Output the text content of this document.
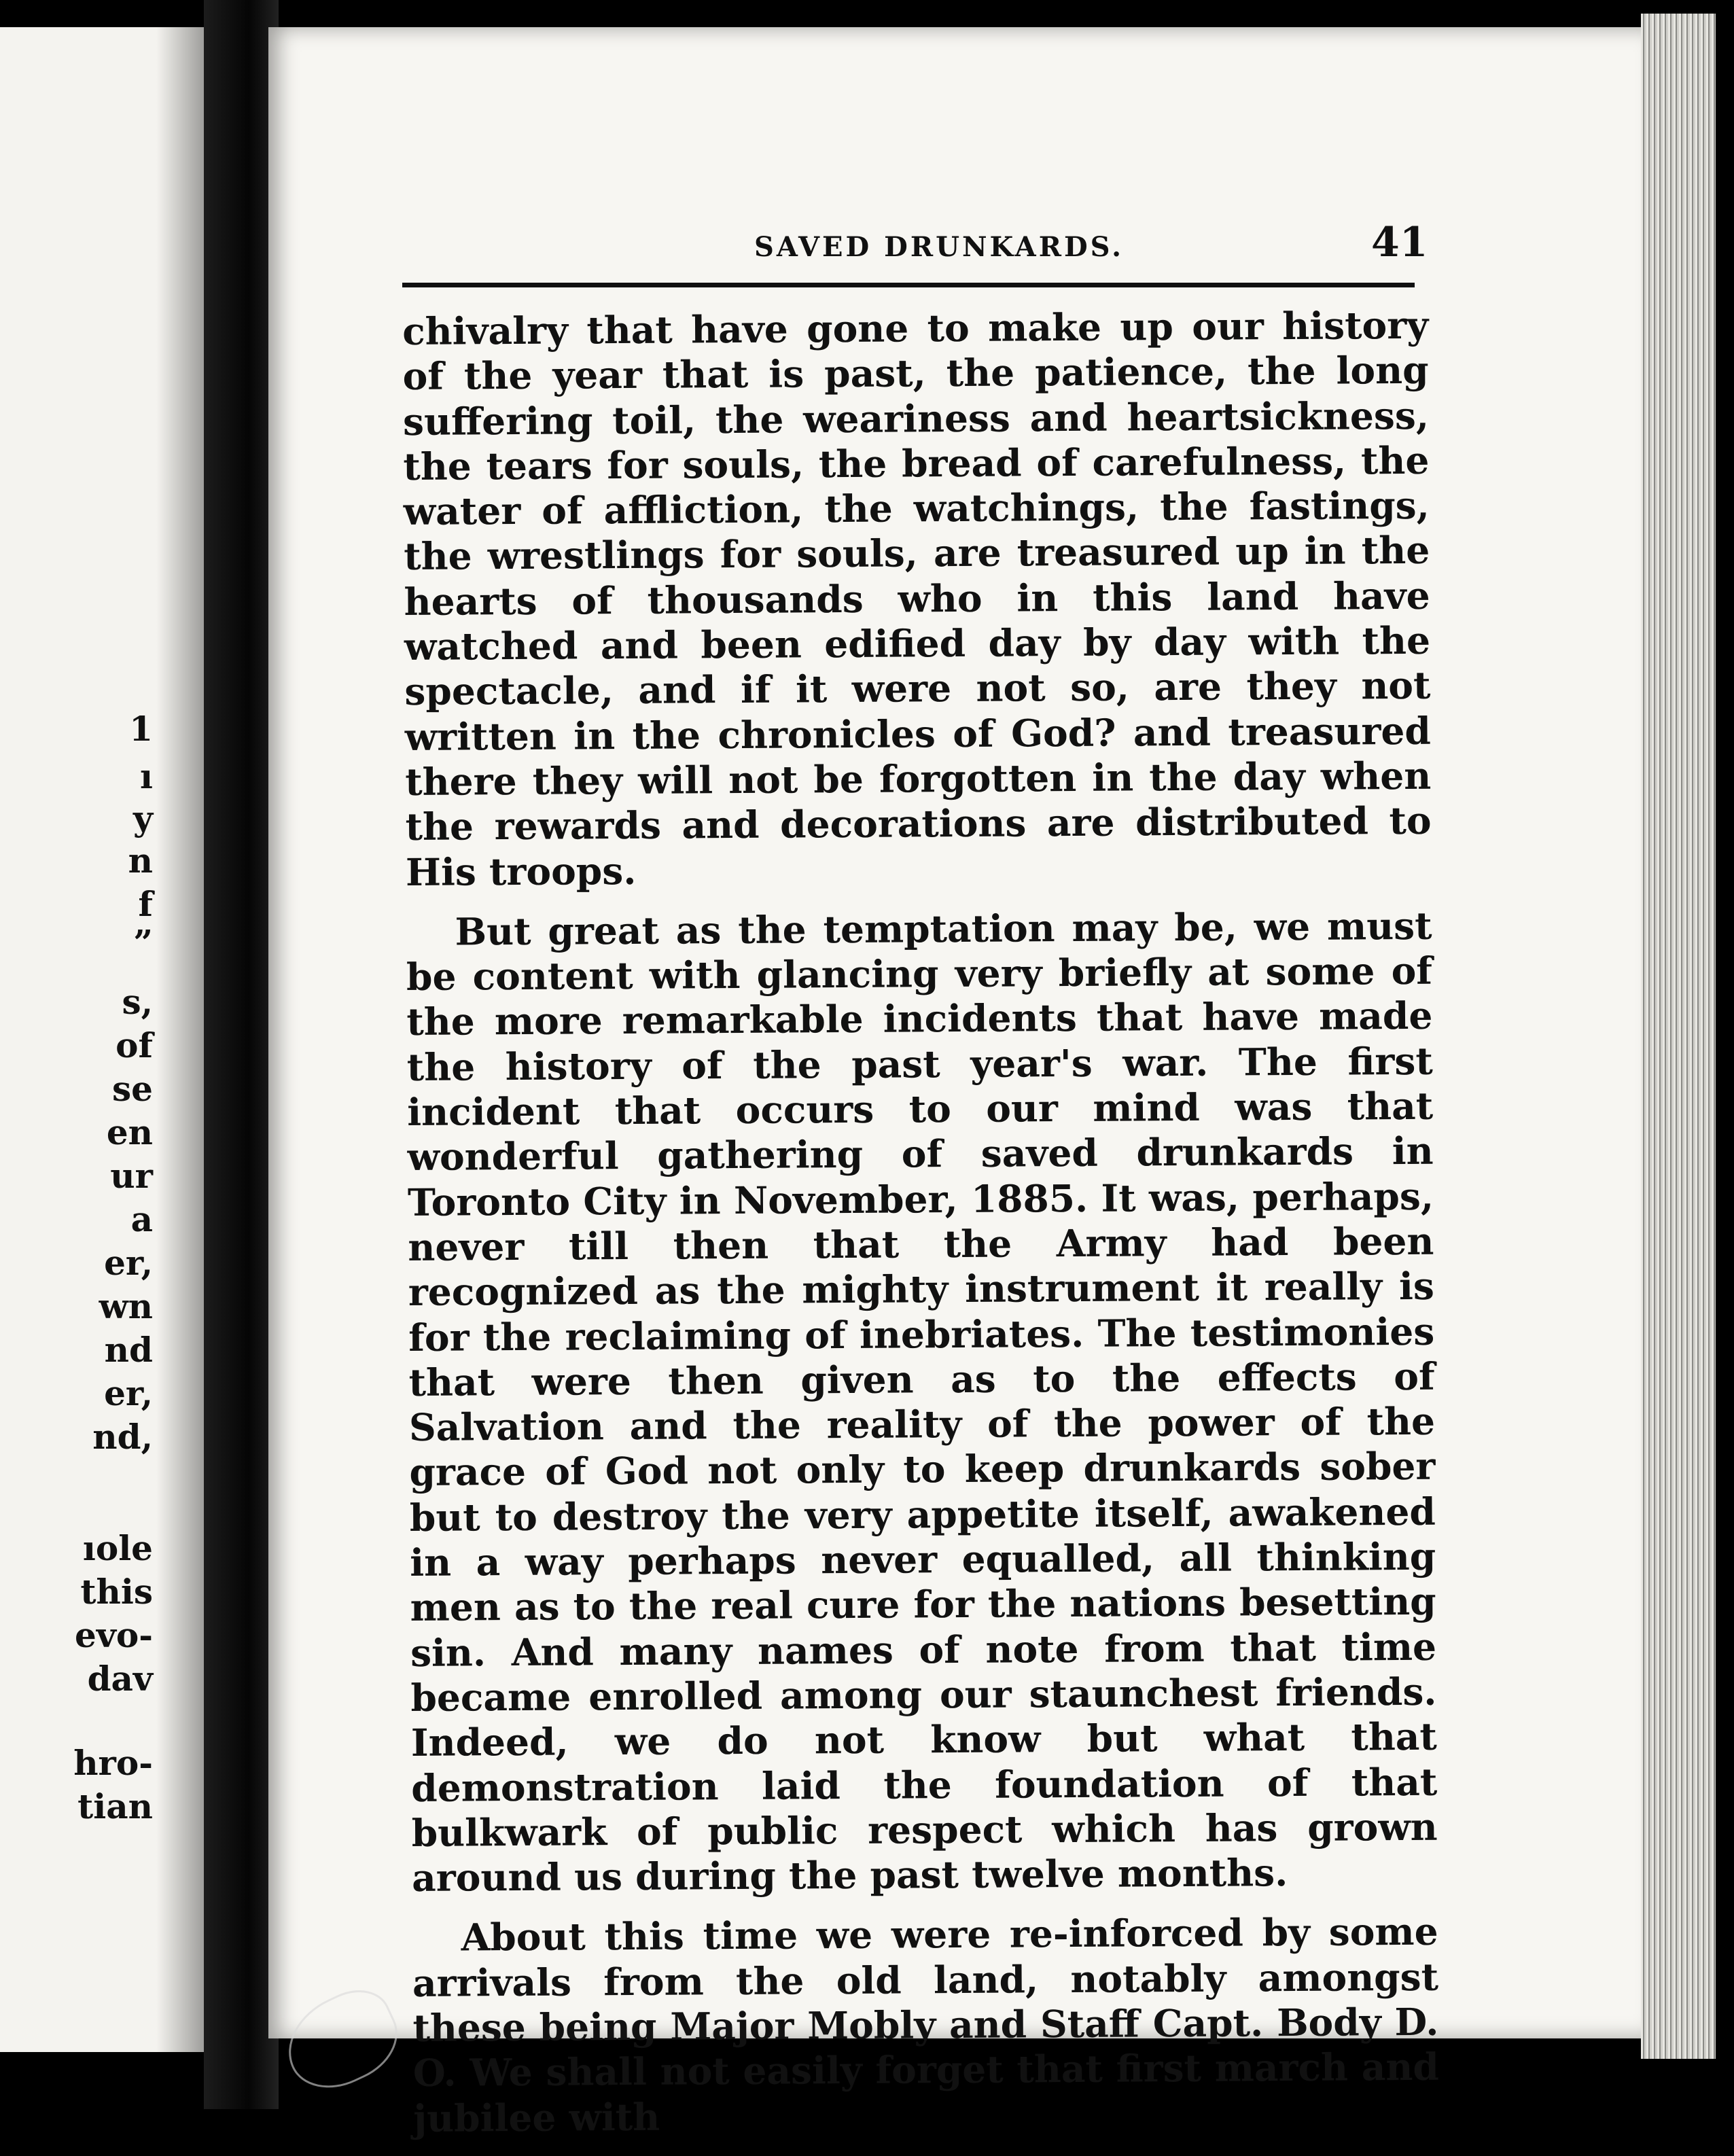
1
ı
y
n
f
”
s,
of
se
en
ur
a
er,
wn
nd
er,
nd,
ıole
this
evo-
dav
hro-
tian
SAVED DRUNKARDS.	41

chivalry that have gone to make up our history of the year that is past, the patience, the long suffering toil, the weariness and heartsickness, the tears for souls, the bread of carefulness, the water of affliction, the watchings, the fastings, the wrestlings for souls, are treasured up in the hearts of thousands who in this land have watched and been edified day by day with the spectacle, and if it were not so, are they not written in the chronicles of God? and treasured there they will not be forgotten in the day when the rewards and decorations are distributed to His troops.

But great as the temptation may be, we must be content with glancing very briefly at some of the more remarkable incidents that have made the history of the past year's war. The first incident that occurs to our mind was that wonderful gathering of saved drunkards in Toronto City in November, 1885. It was, perhaps, never till then that the Army had been recognized as the mighty instrument it really is for the reclaiming of inebriates. The testimonies that were then given as to the effects of Salvation and the reality of the power of the grace of God not only to keep drunkards sober but to destroy the very appetite itself, awakened in a way perhaps never equalled, all thinking men as to the real cure for the nations besetting sin. And many names of note from that time became enrolled among our staunchest friends. Indeed, we do not know but what that demonstration laid the foundation of that bulkwark of public respect which has grown around us during the past twelve months.

About this time we were re-inforced by some arrivals from the old land, notably amongst these being Major Mobly and Staff Capt. Body D. O. We shall not easily forget that first march and jubilee with
